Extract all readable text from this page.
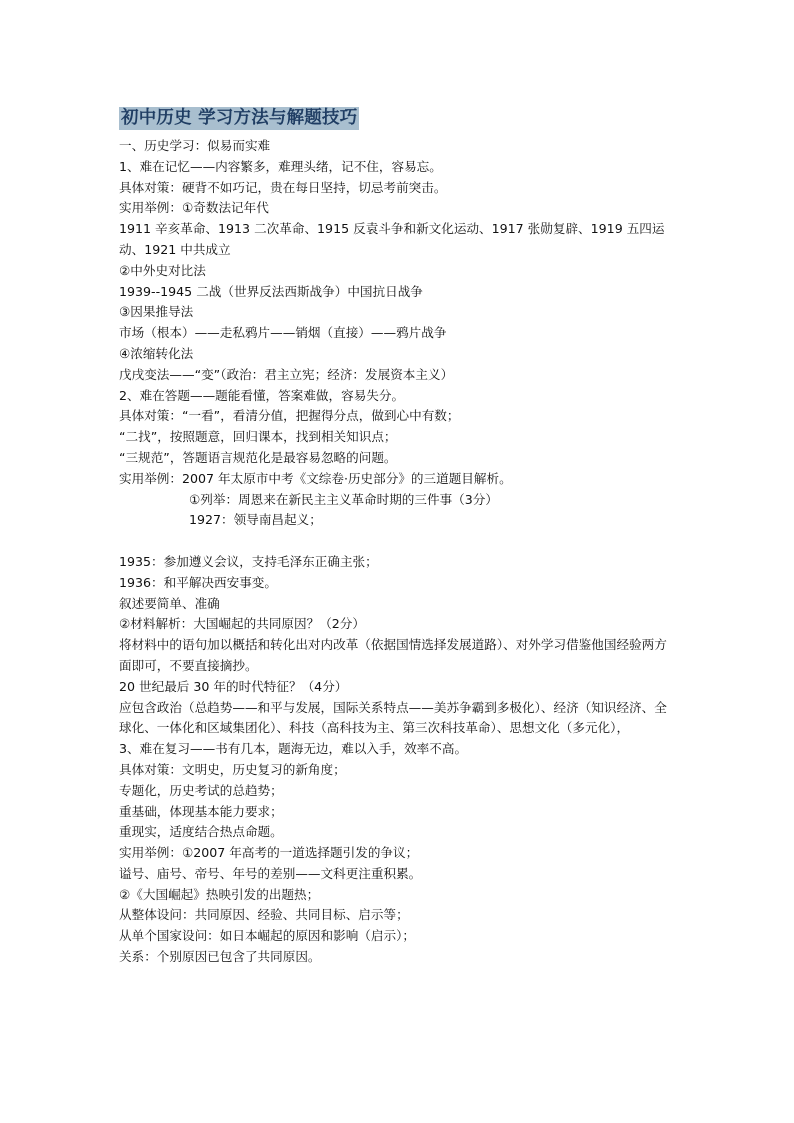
初中历史 学习方法与解题技巧
一、历史学习：似易而实难
1、难在记忆——内容繁多，难理头绪，记不住，容易忘。
具体对策：硬背不如巧记，贵在每日坚持，切忌考前突击。
实用举例：①奇数法记年代
1911 辛亥革命、1913 二次革命、1915 反袁斗争和新文化运动、1917 张勋复辟、1919 五四运动、1921 中共成立
②中外史对比法
1939--1945 二战（世界反法西斯战争）中国抗日战争
③因果推导法
市场（根本）——走私鸦片——销烟（直接）——鸦片战争
④浓缩转化法
戊戌变法——“变”（政治：君主立宪；经济：发展资本主义）
2、难在答题——题能看懂，答案难做，容易失分。
具体对策：“一看”，看清分值，把握得分点，做到心中有数；
“二找”，按照题意，回归课本，找到相关知识点；
“三规范”，答题语言规范化是最容易忽略的问题。
实用举例：2007 年太原市中考《文综卷·历史部分》的三道题目解析。
①列举：周恩来在新民主主义革命时期的三件事（3分）
1927：领导南昌起义；
1935：参加遵义会议，支持毛泽东正确主张；
1936：和平解决西安事变。
叙述要简单、准确
②材料解析：大国崛起的共同原因？（2分）
将材料中的语句加以概括和转化出对内改革（依据国情选择发展道路）、对外学习借鉴他国经验两方面即可，不要直接摘抄。
20 世纪最后 30 年的时代特征？（4分）
应包含政治（总趋势——和平与发展，国际关系特点——美苏争霸到多极化）、经济（知识经济、全球化、一体化和区域集团化）、科技（高科技为主、第三次科技革命）、思想文化（多元化），
3、难在复习——书有几本，题海无边，难以入手，效率不高。
具体对策：文明史，历史复习的新角度；
专题化，历史考试的总趋势；
重基础，体现基本能力要求；
重现实，适度结合热点命题。
实用举例：①2007 年高考的一道选择题引发的争议；
谥号、庙号、帝号、年号的差别——文科更注重积累。
②《大国崛起》热映引发的出题热；
从整体设问：共同原因、经验、共同目标、启示等；
从单个国家设问：如日本崛起的原因和影响（启示）；
关系：个别原因已包含了共同原因。
